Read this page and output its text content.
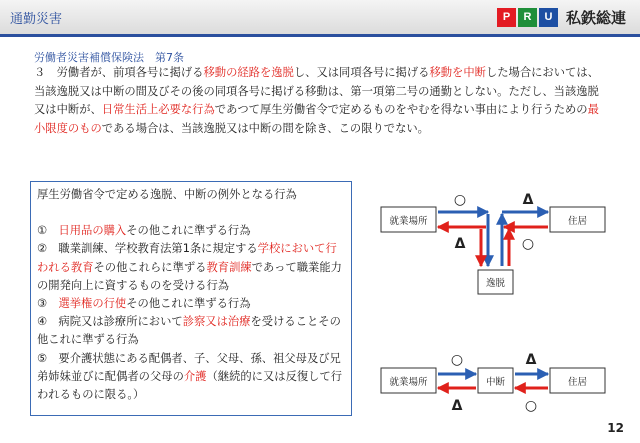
通勤災害	P	R	U 私鉄総連
労働者災害補償保険法　第7条
３　労働者が、前項各号に掲げる移動の経路を逸脱し、又は同項各号に掲げる移動を中断した場合においては、当該逸脱又は中断の間及びその後の同項各号に掲げる移動は、第一項第二号の通勤としない。ただし、当該逸脱又は中断が、日常生活上必要な行為であつて厚生労働省令で定めるものをやむを得ない事由により行うための最小限度のものである場合は、当該逸脱又は中断の間を除き、この限りでない。
厚生労働省令で定める逸脱、中断の例外となる行為
①　日用品の購入その他これに準ずる行為
②　職業訓練、学校教育法第1条に規定する学校において行われる教育その他これらに準ずる教育訓練であって職業能力の開発向上に資するものを受ける行為
③　選挙権の行使その他これに準ずる行為
④　病院又は診療所において診察又は治療を受けることその他これに準ずる行為
⑤　要介護状態にある配偶者、子、父母、孫、祖父母及び兄弟姉妹並びに配偶者の父母の介護（継続的に又は反復して行われるものに限る。）
就業場所	住居
逸脱
○	Δ
Δ	○
就業場所	中断	住居
○	Δ
Δ	○
12
